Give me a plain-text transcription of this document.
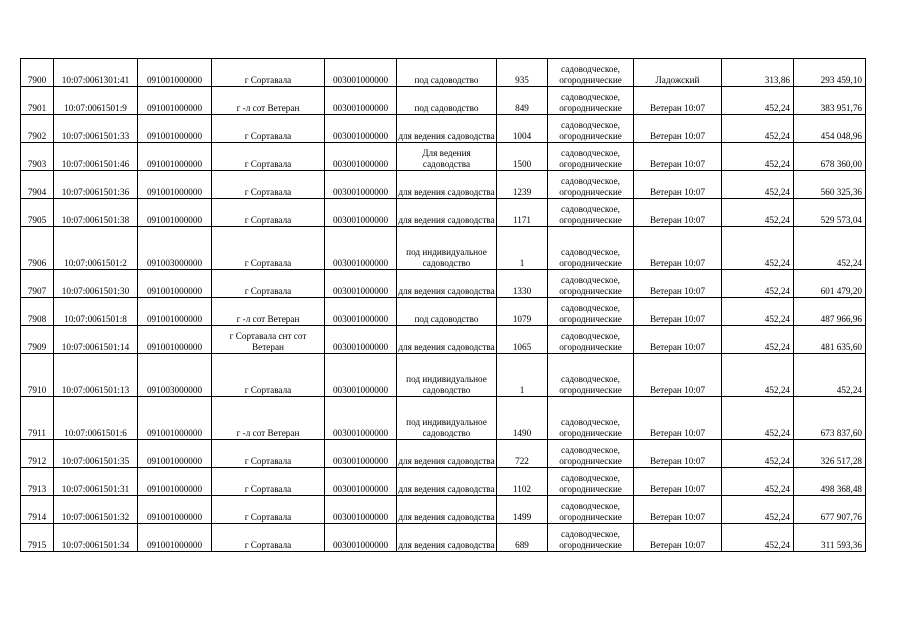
7900	10:07:0061301:41	091001000000	г Сортавала	003001000000	под садоводство	935	садоводческое, огороднические	Ладожский	313,86	293 459,10
7901	10:07:0061501:9	091001000000	г -л сот Ветеран	003001000000	под садоводство	849	садоводческое, огороднические	Ветеран 10:07	452,24	383 951,76
7902	10:07:0061501:33	091001000000	г Сортавала	003001000000	для ведения садоводства	1004	садоводческое, огороднические	Ветеран 10:07	452,24	454 048,96
7903	10:07:0061501:46	091001000000	г Сортавала	003001000000	Для ведения садоводства	1500	садоводческое, огороднические	Ветеран 10:07	452,24	678 360,00
7904	10:07:0061501:36	091001000000	г Сортавала	003001000000	для ведения садоводства	1239	садоводческое, огороднические	Ветеран 10:07	452,24	560 325,36
7905	10:07:0061501:38	091001000000	г Сортавала	003001000000	для ведения садоводства	1171	садоводческое, огороднические	Ветеран 10:07	452,24	529 573,04
7906	10:07:0061501:2	091003000000	г Сортавала	003001000000	под индивидуальное садоводство	1	садоводческое, огороднические	Ветеран 10:07	452,24	452,24
7907	10:07:0061501:30	091001000000	г Сортавала	003001000000	для ведения садоводства	1330	садоводческое, огороднические	Ветеран 10:07	452,24	601 479,20
7908	10:07:0061501:8	091001000000	г -л сот Ветеран	003001000000	под садоводство	1079	садоводческое, огороднические	Ветеран 10:07	452,24	487 966,96
7909	10:07:0061501:14	091001000000	г Сортавала снт сот Ветеран	003001000000	для ведения садоводства	1065	садоводческое, огороднические	Ветеран 10:07	452,24	481 635,60
7910	10:07:0061501:13	091003000000	г Сортавала	003001000000	под индивидуальное садоводство	1	садоводческое, огороднические	Ветеран 10:07	452,24	452,24
7911	10:07:0061501:6	091001000000	г -л сот Ветеран	003001000000	под индивидуальное садоводство	1490	садоводческое, огороднические	Ветеран 10:07	452,24	673 837,60
7912	10:07:0061501:35	091001000000	г Сортавала	003001000000	для ведения садоводства	722	садоводческое, огороднические	Ветеран 10:07	452,24	326 517,28
7913	10:07:0061501:31	091001000000	г Сортавала	003001000000	для ведения садоводства	1102	садоводческое, огороднические	Ветеран 10:07	452,24	498 368,48
7914	10:07:0061501:32	091001000000	г Сортавала	003001000000	для ведения садоводства	1499	садоводческое, огороднические	Ветеран 10:07	452,24	677 907,76
7915	10:07:0061501:34	091001000000	г Сортавала	003001000000	для ведения садоводства	689	садоводческое, огороднические	Ветеран 10:07	452,24	311 593,36
